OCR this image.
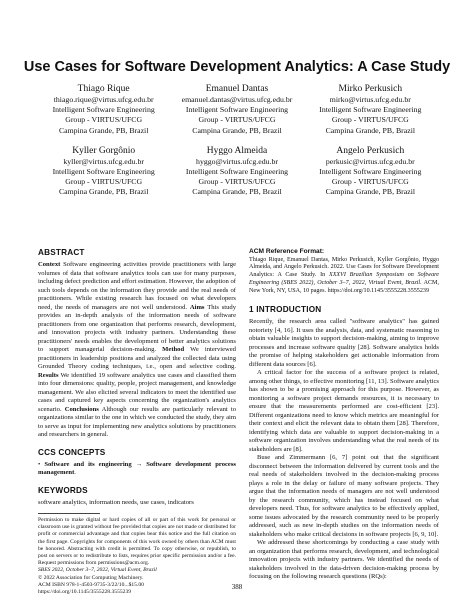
Use Cases for Software Development Analytics: A Case Study
Thiago Rique
thiago.rique@virtus.ufcg.edu.br
Intelligent Software Engineering
Group - VIRTUS/UFCG
Campina Grande, PB, Brazil
Emanuel Dantas
emanuel.dantas@virtus.ufcg.edu.br
Intelligent Software Engineering
Group - VIRTUS/UFCG
Campina Grande, PB, Brazil
Mirko Perkusich
mirko@virtus.ufcg.edu.br
Intelligent Software Engineering
Group - VIRTUS/UFCG
Campina Grande, PB, Brazil
Kyller Gorgônio
kyller@virtus.ufcg.edu.br
Intelligent Software Engineering
Group - VIRTUS/UFCG
Campina Grande, PB, Brazil
Hyggo Almeida
hyggo@virtus.ufcg.edu.br
Intelligent Software Engineering
Group - VIRTUS/UFCG
Campina Grande, PB, Brazil
Angelo Perkusich
perkusic@virtus.ufcg.edu.br
Intelligent Software Engineering
Group - VIRTUS/UFCG
Campina Grande, PB, Brazil
ABSTRACT

Context Software engineering activities provide practitioners with large volumes of data that software analytics tools can use for many purposes, including defect prediction and effort estimation. However, the adoption of such tools depends on the information they provide and the real needs of practitioners. While existing research has focused on what developers need, the needs of managers are not well understood. Aims This study provides an in-depth analysis of the information needs of software practitioners from one organization that performs research, development, and innovation projects with industry partners. Understanding these practitioners' needs enables the development of better analytics solutions to support managerial decision-making. Method We interviewed practitioners in leadership positions and analyzed the collected data using Grounded Theory coding techniques, i.e., open and selective coding. Results We identified 19 software analytics use cases and classified them into four dimensions: quality, people, project management, and knowledge management. We also elicited several indicators to meet the identified use cases and captured key aspects concerning the organization's analytics scenario. Conclusions Although our results are particularly relevant to organizations similar to the one in which we conducted the study, they aim to serve as input for implementing new analytics solutions by practitioners and researchers in general.

CCS CONCEPTS

• Software and its engineering → Software development process management.

KEYWORDS

software analytics, information needs, use cases, indicators

Permission to make digital or hard copies of all or part of this work for personal or classroom use is granted without fee provided that copies are not made or distributed for profit or commercial advantage and that copies bear this notice and the full citation on the first page. Copyrights for components of this work owned by others than ACM must be honored. Abstracting with credit is permitted. To copy otherwise, or republish, to post on servers or to redistribute to lists, requires prior specific permission and/or a fee. Request permissions from permissions@acm.org.

SBES 2022, October 3–7, 2022, Virtual Event, Brazil
© 2022 Association for Computing Machinery.
ACM ISBN 978-1-4503-9735-3/22/10...$15.00
https://doi.org/10.1145/3555228.3555239
ACM Reference Format:

Thiago Rique, Emanuel Dantas, Mirko Perkusich, Kyller Gorgônio, Hyggo Almeida, and Angelo Perkusich. 2022. Use Cases for Software Development Analytics: A Case Study. In XXXVI Brazilian Symposium on Software Engineering (SBES 2022), October 3–7, 2022, Virtual Event, Brazil. ACM, New York, NY, USA, 10 pages. https://doi.org/10.1145/3555228.3555239

1 INTRODUCTION

Recently, the research area called "software analytics" has gained notoriety [4, 16]. It uses the analysis, data, and systematic reasoning to obtain valuable insights to support decision-making, aiming to improve processes and increase software quality [28]. Software analytics holds the promise of helping stakeholders get actionable information from different data sources [6].

A critical factor for the success of a software project is related, among other things, to effective monitoring [11, 13]. Software analytics has shown to be a promising approach for this purpose. However, as monitoring a software project demands resources, it is necessary to ensure that the measurements performed are cost-efficient [23]. Different organizations need to know which metrics are meaningful for their context and elicit the relevant data to obtain them [28]. Therefore, identifying which data are valuable to support decision-making in a software organization involves understanding what the real needs of its stakeholders are [8].

Buse and Zimmermann [6, 7] point out that the significant disconnect between the information delivered by current tools and the real needs of stakeholders involved in the decision-making process plays a role in the delay or failure of many software projects. They argue that the information needs of managers are not well understood by the research community, which has instead focused on what developers need. Thus, for software analytics to be effectively applied, some issues advocated by the research community need to be properly addressed, such as new in-depth studies on the information needs of stakeholders who make critical decisions in software projects [6, 9, 10].

We addressed these shortcomings by conducting a case study with an organization that performs research, development, and technological innovation projects with industry partners. We identified the needs of stakeholders involved in the data-driven decision-making process by focusing on the following research questions (RQs):

388
